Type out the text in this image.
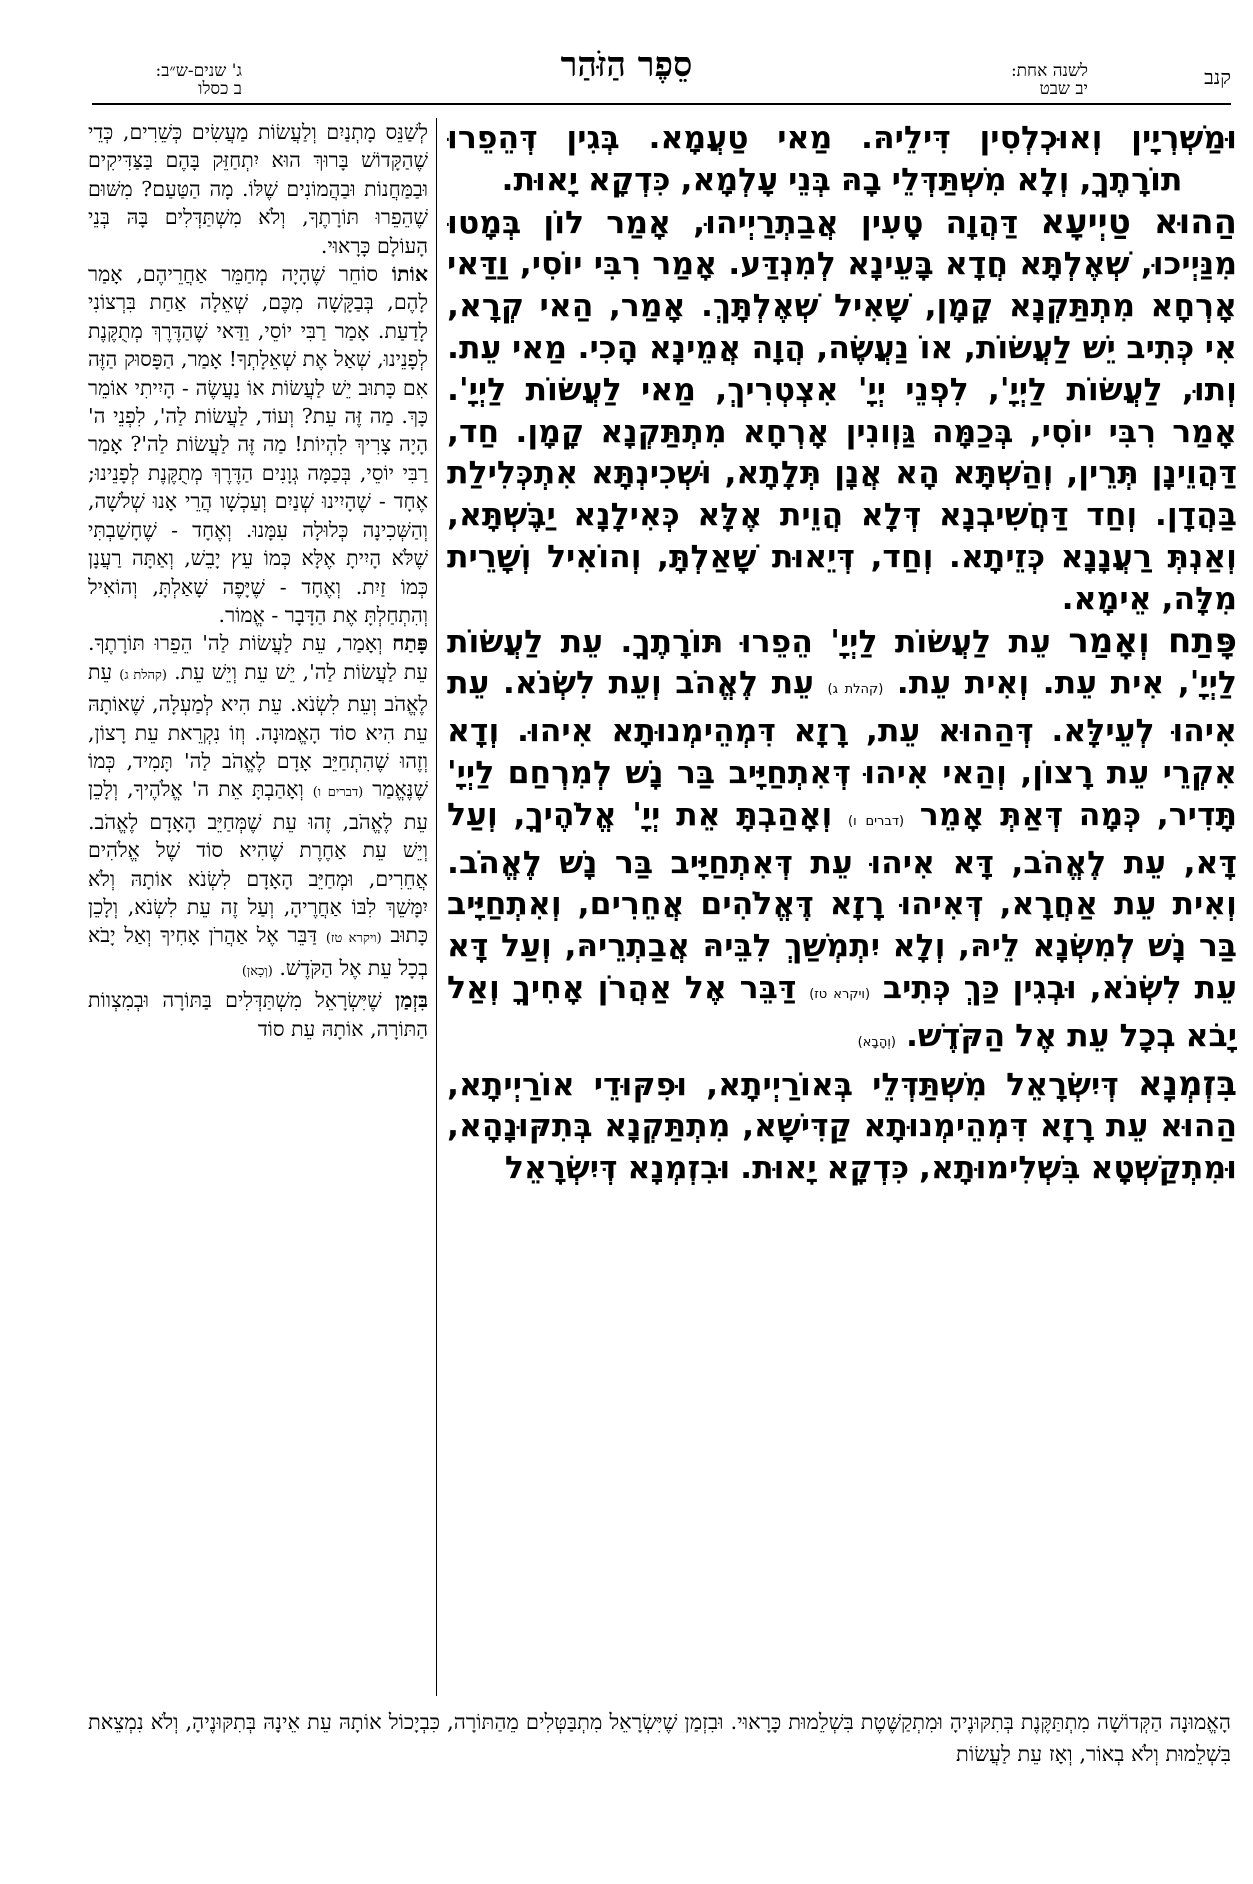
קנב
לשנה אחת:
יב שבט
סֵפֶר הַזֹּהַר
ג' שנים-ש״ב:
ב כסלו

וּמַשְׁרְיָין וְאוּכְלְסִין דִּילֵיהּ. מַאי טַעֲמָא. בְּגִין דְּהֵפֵרוּ תוֹרָתֶךָ, וְלָא מִשְׁתַּדְּלֵי בָהּ בְּנֵי עָלְמָא, כִּדְקָא יָאוּת.

הַהוּא טַיְיעָא דַּהֲוָה טָעִין אֲבַתְרַיְיהוּ, אָמַר לוֹן בְּמָטוּ מִנַּיְיכוּ, שְׁאֶלְתָּא חֲדָא בָּעֵינָא לְמִנְדַּע. אָמַר רִבִּי יוֹסִי, וַדַּאי אָרְחָא מִתְתַּקְנָא קָמָן, שָׁאִיל שְׁאֶלְתָּךְ. אָמַר, הַאי קְרָא, אִי כְּתִיב יֵשׁ לַעֲשׂוֹת, אוֹ נַעֲשֶׂה, הֲוָה אֲמֵינָא הָכִי. מַאי עֵת. וְתוּ, לַעֲשׂוֹת לַיְיָ', לִפְנֵי יְיָ' אִצְטְרִיךְ, מַאי לַעֲשׂוֹת לַיְיָ'. אָמַר רִבִּי יוֹסִי, בְּכַמָּה גַּוְונִין אָרְחָא מִתְתַּקְנָא קָמָן. חַד, דַּהֲוֵינָן תְּרֵין, וְהַשְׁתָּא הָא אֲנָן תְּלָתָא, וּשְׁכִינְתָּא אִתְכְּלִילַת בַּהֲדָן. וְחַד דַּחֲשִׁיבְנָא דְּלָא הֲוֵית אֶלָּא כְּאִילָנָא יַבֶּשְׁתָּא, וְאַנְתְּ רַעֲנָנָא כְּזֵיתָא. וְחַד, דְּיֵאוּת שָׁאַלְתָּ, וְהוֹאִיל וְשָׁרֵית מִלָּה, אֵימָא.

פָּתַח וְאָמַר עֵת לַעֲשׂוֹת לַיְיָ' הֵפֵרוּ תּוֹרָתֶךָ. עֵת לַעֲשׂוֹת לַיְיָ', אִית עֵת. וְאִית עֵת. (קהלת ג) עֵת לֶאֱהֹב וְעֵת לִשְׂנֹא. עֵת אִיהוּ לְעֵילָּא. דְּהַהוּא עֵת, רָזָא דִּמְהֵימְנוּתָא אִיהוּ. וְדָא אִקְרֵי עֵת רָצוֹן, וְהַאי אִיהוּ דְּאִתְחַיָּיב בַּר נָשׁ לְמִרְחַם לַיְיָ' תָּדִיר, כְּמָה דְּאַתְּ אָמֵר (דברים ו) וְאָהַבְתָּ אֵת יְיָ' אֱלֹהֶיךָ, וְעַל דָּא, עֵת לֶאֱהֹב, דָּא אִיהוּ עֵת דְּאִתְחַיָּיב בַּר נָשׁ לֶאֱהֹב. וְאִית עֵת אַחֲרָא, דְּאִיהוּ רָזָא דֶּאֱלֹהִים אֲחֵרִים, וְאִתְחַיָּיב בַּר נָשׁ לְמִשְׂנָא לֵיהּ, וְלָא יִתְמְשַׁךְ לִבֵּיהּ אֲבַתְרֵיהּ, וְעַל דָּא עֵת לִשְׂנֹא, וּבְגִין כַּךְ כְּתִיב (ויקרא טז) דַּבֵּר אֶל אַהֲרֹן אָחִיךָ וְאַל יָבֹא בְכָל עֵת אֶל הַקֹּדֶשׁ. (וְהָבָא)

בִּזְמְנָא דְּיִשְׂרָאֵל מִשְׁתַּדְּלֵי בְּאוֹרַיְיתָא, וּפִקּוּדֵי אוֹרַיְיתָא, הַהוּא עֵת רָזָא דִּמְהֵימְנוּתָא קַדִּישָׁא, מִתְתַּקְנָא בְּתִקּוּנָהָא, וּמִתְקַשְׁטָא בִּשְׁלִימוּתָא, כִּדְקָא יָאוּת. וּבִזְמְנָא דְּיִשְׂרָאֵל

לְשַׁנֵּס מָתְנַיִם וְלַעֲשׂוֹת מַעֲשִׂים כְּשֵׁרִים, כְּדֵי שֶׁהַקָּדוֹשׁ בָּרוּךְ הוּא יִתְחַזֵּק בָּהֶם בַּצַּדִּיקִים וּבַמַּחֲנוֹת וּבַהֲמוֹנִים שֶׁלּוֹ. מָה הַטַּעַם? מִשּׁוּם שֶׁהֵפֵרוּ תּוֹרָתֶךָ, וְלֹא מִשְׁתַּדְּלִים בָּהּ בְּנֵי הָעוֹלָם כָּרָאוּי.

אוֹתוֹ סוֹחֵר שֶׁהָיָה מְחַמֵּר אַחֲרֵיהֶם, אָמַר לָהֶם, בְּבַקָּשָׁה מִכֶּם, שְׁאֵלָה אַחַת בִּרְצוֹנִי לָדַעַת. אָמַר רַבִּי יוֹסֵי, וַדַּאי שֶׁהַדֶּרֶךְ מְתֻקֶּנֶת לְפָנֵינוּ, שְׁאַל אֶת שְׁאֵלָתְךָ! אָמַר, הַפָּסוּק הַזֶּה אִם כָּתוּב יֵשׁ לַעֲשׂוֹת אוֹ נַעֲשֶׂה - הָיִיתִי אוֹמֵר כָּךְ. מַה זֶּה עֵת? וְעוֹד, לַעֲשׂוֹת לַה', לִפְנֵי ה' הָיָה צָרִיךְ לִהְיוֹת! מַה זֶּה לַעֲשׂוֹת לַה'? אָמַר רַבִּי יוֹסֵי, בְּכַמָּה גְוָנִים הַדֶּרֶךְ מְתֻקֶּנֶת לְפָנֵינוּ; אֶחָד - שֶׁהָיִינוּ שְׁנַיִם וְעַכְשָׁו הֲרֵי אָנוּ שְׁלֹשָׁה, וְהַשְּׁכִינָה כְּלוּלָה עִמָּנוּ. וְאֶחָד - שֶׁחָשַׁבְתִּי שֶׁלֹּא הָיִיתָ אֶלָּא כְּמוֹ עֵץ יָבֵשׁ, וְאַתָּה רַעֲנָן כְּמוֹ זַיִת. וְאֶחָד - שֶׁיָּפֶה שָׁאַלְתָּ, וְהוֹאִיל וְהִתְחַלְתָּ אֶת הַדָּבָר - אֱמוֹר.

פָּתַח וְאָמַר, עֵת לַעֲשׂוֹת לַה' הֵפֵרוּ תּוֹרָתֶךָ. עֵת לַעֲשׂוֹת לַה', יֵשׁ עֵת וְיֵשׁ עֵת. (קהלת ג) עֵת לֶאֱהֹב וְעֵת לִשְׂנֹא. עֵת הִיא לְמַעְלָה, שֶׁאוֹתָהּ עֵת הִיא סוֹד הָאֱמוּנָה. וְזוֹ נִקְרֵאת עֵת רָצוֹן, וְזֶהוּ שֶׁהִתְחַיֵּב אָדָם לֶאֱהֹב לַה' תָּמִיד, כְּמוֹ שֶׁנֶּאֱמַר (דברים ו) וְאָהַבְתָּ אֵת ה' אֱלֹהֶיךָ, וְלָכֵן עֵת לֶאֱהֹב, זֶהוּ עֵת שֶׁמְּחַיֵּב הָאָדָם לֶאֱהֹב. וְיֵשׁ עֵת אַחֶרֶת שֶׁהִיא סוֹד שֶׁל אֱלֹהִים אֲחֵרִים, וּמְחַיֵּב הָאָדָם לִשְׂנֹא אוֹתָהּ וְלֹא יִמָּשֵׁךְ לִבּוֹ אַחֲרֶיהָ, וְעַל זֶה עֵת לִשְׂנֹא, וְלָכֵן כָּתוּב (ויקרא טז) דַּבֵּר אֶל אַהֲרֹן אָחִיךָ וְאַל יָבֹא בְכָל עֵת אֶל הַקֹּדֶשׁ. (וְכָאן)

בִּזְמַן שֶׁיִּשְׂרָאֵל מִשְׁתַּדְּלִים בַּתּוֹרָה וּבְמִצְווֹת הַתּוֹרָה, אוֹתָהּ עֵת סוֹד

הָאֱמוּנָה הַקְּדוֹשָׁה מִתְתַּקֶּנֶת בְּתִקּוּנֶיהָ וּמִתְקַשֶּׁטֶת בִּשְׁלֵמוּת כָּרָאוּי. וּבִזְמַן שֶׁיִּשְׂרָאֵל מִתְבַּטְּלִים מֵהַתּוֹרָה, כִּבְיָכוֹל אוֹתָהּ עֵת אֵינָהּ בְּתִקּוּנֶיהָ, וְלֹא נִמְצֵאת בִּשְׁלֵמוּת וְלֹא בְאוֹר, וְאָז עֵת לַעֲשׂוֹת
